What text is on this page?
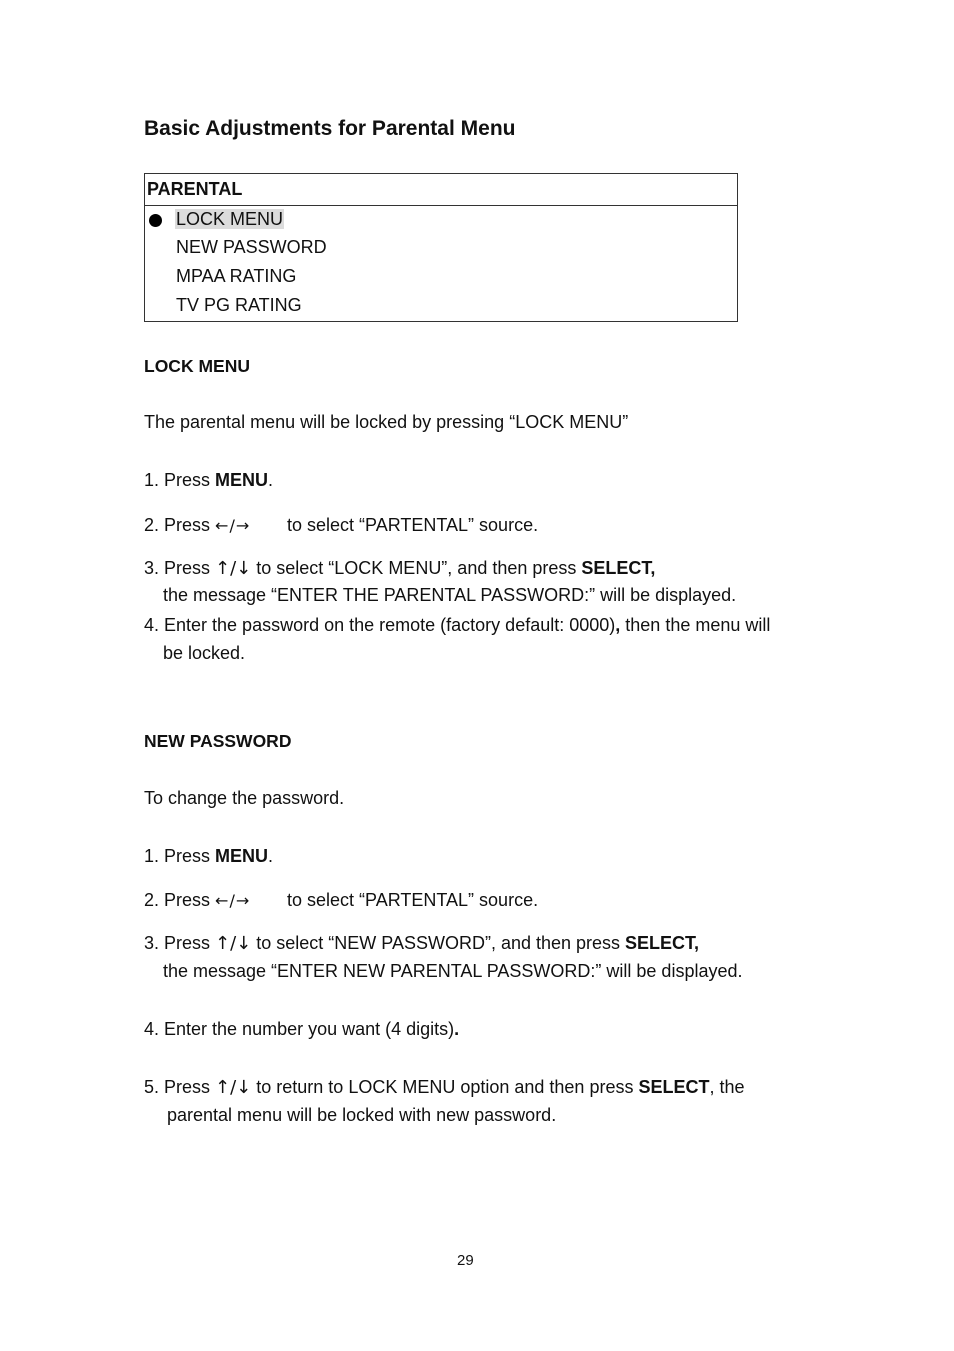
Basic Adjustments for Parental Menu
PARENTAL
LOCK MENU
NEW PASSWORD
MPAA RATING
TV PG RATING
LOCK MENU
The parental menu will be locked by pressing “LOCK MENU”
1. Press MENU.
2. Press ←/→ to select “PARTENTAL” source.
3. Press ↑/↓ to select “LOCK MENU”, and then press SELECT,
the message “ENTER THE PARENTAL PASSWORD:” will be displayed.
4. Enter the password on the remote (factory default: 0000), then the menu will
be locked.
NEW PASSWORD
To change the password.
1. Press MENU.
2. Press ←/→ to select “PARTENTAL” source.
3. Press ↑/↓ to select “NEW PASSWORD”, and then press SELECT,
the message “ENTER NEW PARENTAL PASSWORD:” will be displayed.
4. Enter the number you want (4 digits).
5. Press ↑/↓ to return to LOCK MENU option and then press SELECT, the
parental menu will be locked with new password.
29
